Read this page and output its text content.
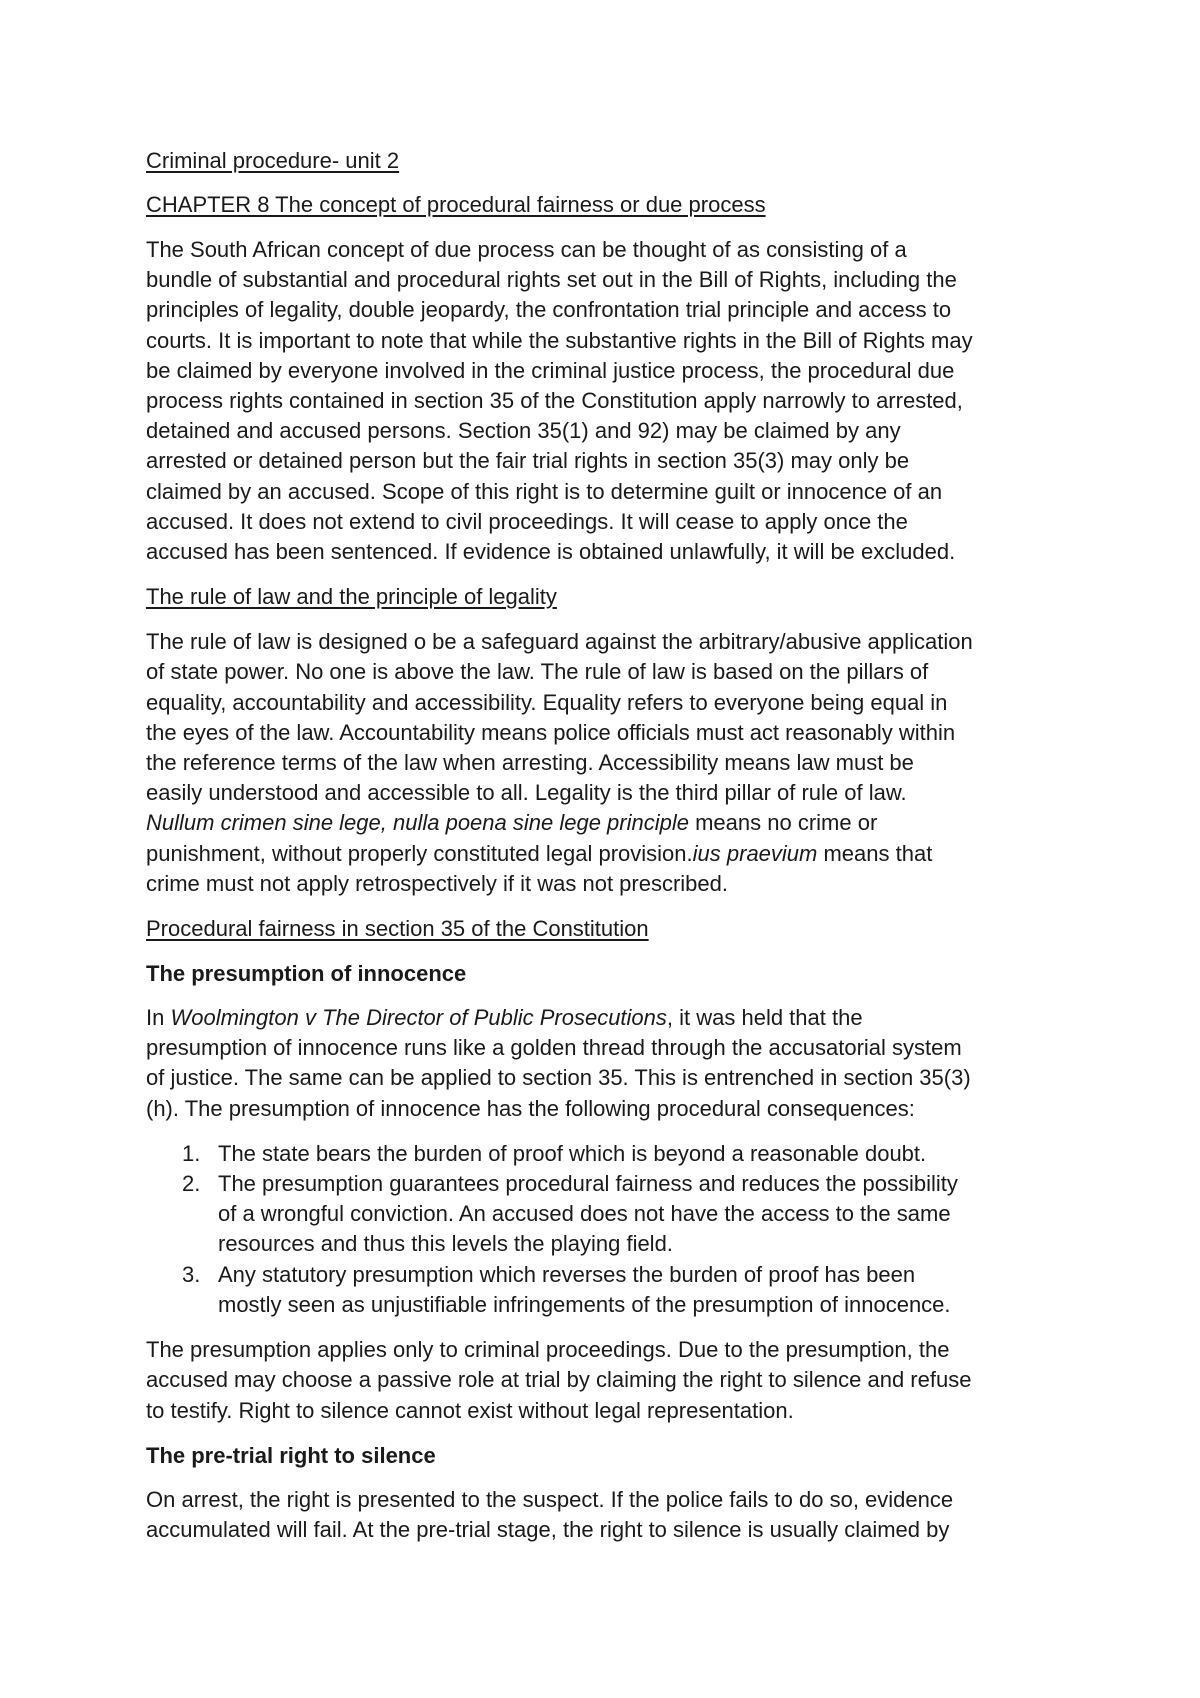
Criminal procedure- unit 2
CHAPTER 8 The concept of procedural fairness or due process

The South African concept of due process can be thought of as consisting of a
bundle of substantial and procedural rights set out in the Bill of Rights, including the
principles of legality, double jeopardy, the confrontation trial principle and access to
courts. It is important to note that while the substantive rights in the Bill of Rights may
be claimed by everyone involved in the criminal justice process, the procedural due
process rights contained in section 35 of the Constitution apply narrowly to arrested,
detained and accused persons. Section 35(1) and 92) may be claimed by any
arrested or detained person but the fair trial rights in section 35(3) may only be
claimed by an accused. Scope of this right is to determine guilt or innocence of an
accused. It does not extend to civil proceedings. It will cease to apply once the
accused has been sentenced. If evidence is obtained unlawfully, it will be excluded.

The rule of law and the principle of legality

The rule of law is designed o be a safeguard against the arbitrary/abusive application
of state power. No one is above the law. The rule of law is based on the pillars of
equality, accountability and accessibility. Equality refers to everyone being equal in
the eyes of the law. Accountability means police officials must act reasonably within
the reference terms of the law when arresting. Accessibility means law must be
easily understood and accessible to all. Legality is the third pillar of rule of law.
Nullum crimen sine lege, nulla poena sine lege principle means no crime or
punishment, without properly constituted legal provision.ius praevium means that
crime must not apply retrospectively if it was not prescribed.

Procedural fairness in section 35 of the Constitution
The presumption of innocence

In Woolmington v The Director of Public Prosecutions, it was held that the
presumption of innocence runs like a golden thread through the accusatorial system
of justice. The same can be applied to section 35. This is entrenched in section 35(3)
(h). The presumption of innocence has the following procedural consequences:

1. The state bears the burden of proof which is beyond a reasonable doubt.
2. The presumption guarantees procedural fairness and reduces the possibility
of a wrongful conviction. An accused does not have the access to the same
resources and thus this levels the playing field.
3. Any statutory presumption which reverses the burden of proof has been
mostly seen as unjustifiable infringements of the presumption of innocence.

The presumption applies only to criminal proceedings. Due to the presumption, the
accused may choose a passive role at trial by claiming the right to silence and refuse
to testify. Right to silence cannot exist without legal representation.

The pre-trial right to silence

On arrest, the right is presented to the suspect. If the police fails to do so, evidence
accumulated will fail. At the pre-trial stage, the right to silence is usually claimed by
